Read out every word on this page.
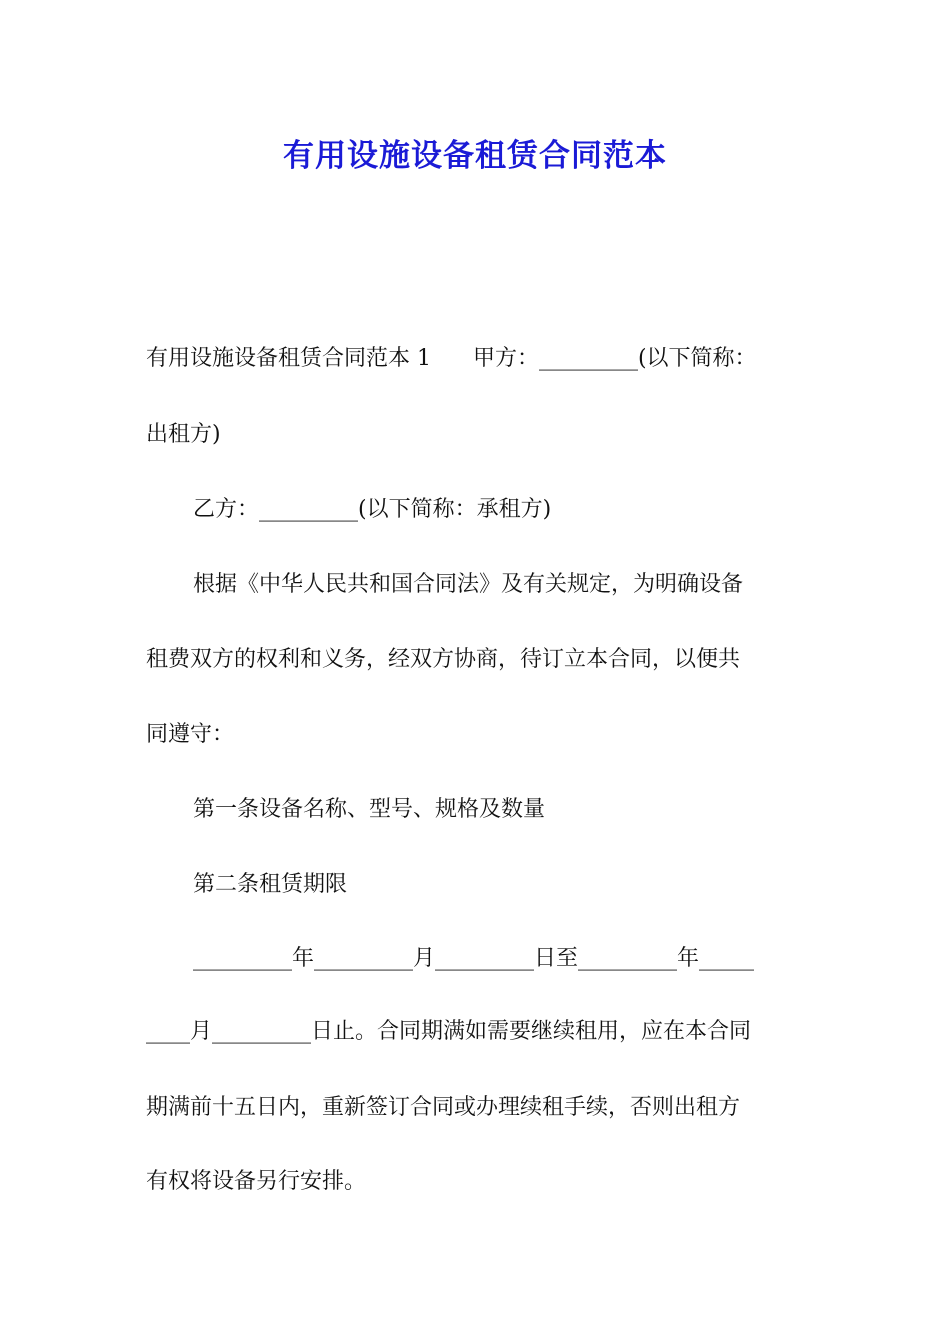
有用设施设备租赁合同范本

有用设施设备租赁合同范本 1      甲方：_________(以下简称：

出租方)

乙方：_________(以下简称：承租方)

根据《中华人民共和国合同法》及有关规定，为明确设备

租费双方的权利和义务，经双方协商，待订立本合同，以便共

同遵守：

第一条设备名称、型号、规格及数量

第二条租赁期限

_________年_________月_________日至_________年_____

____月_________日止。合同期满如需要继续租用，应在本合同

期满前十五日内，重新签订合同或办理续租手续，否则出租方

有权将设备另行安排。
